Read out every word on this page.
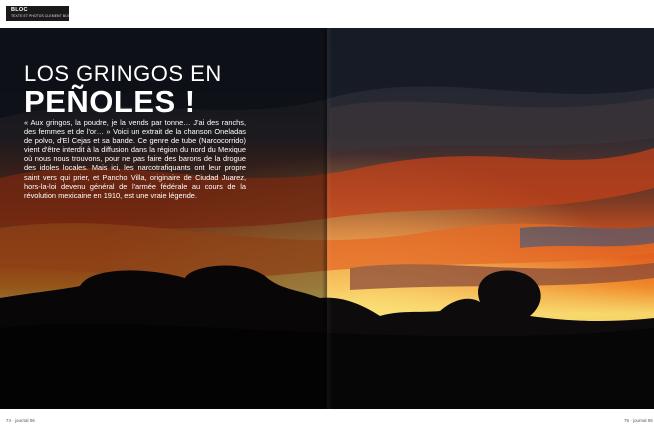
BLOC
TEXTE ET PHOTOS CLEMENT BOISSY
LOS GRINGOS EN
PEÑOLES !
« Aux gringos, la poudre, je la vends par tonne… J'ai des ranchs, des femmes et de l'or… » Voici un extrait de la chanson Oneladas de polvo, d'El Cejas et sa bande. Ce genre de tube (Narcocorrido) vient d'être interdit à la diffusion dans la région du nord du Mexique où nous nous trouvons, pour ne pas faire des barons de la drogue des idoles locales. Mais ici, les narcotrafiquants ont leur propre saint vers qui prier, et Pancho Villa, originaire de Ciudad Juarez, hors-la-loi devenu général de l'armée fédérale au cours de la révolution mexicaine en 1910, est une vraie légende.
74 · journal 06	75 · journal 06
